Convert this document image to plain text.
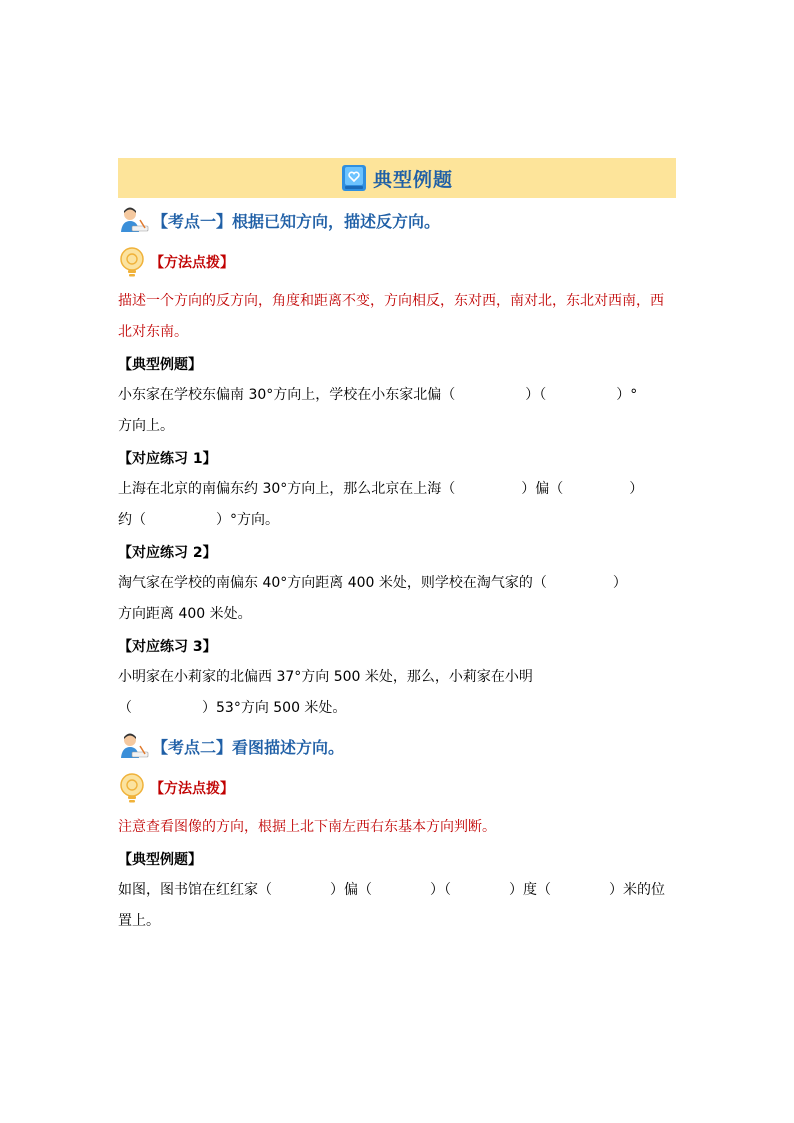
典型例题
【考点一】根据已知方向，描述反方向。
【方法点拨】
描述一个方向的反方向，角度和距离不变，方向相反，东对西，南对北，东北对西南，西北对东南。
【典型例题】
小东家在学校东偏南 30°方向上，学校在小东家北偏（	）（	）°
方向上。
【对应练习 1】
上海在北京的南偏东约 30°方向上，那么北京在上海（	）偏（	）
约（	）°方向。
【对应练习 2】
淘气家在学校的南偏东 40°方向距离 400 米处，则学校在淘气家的（	）
方向距离 400 米处。
【对应练习 3】
小明家在小莉家的北偏西 37°方向 500 米处，那么，小莉家在小明
（	）53°方向 500 米处。
【考点二】看图描述方向。
【方法点拨】
注意查看图像的方向，根据上北下南左西右东基本方向判断。
【典型例题】
如图，图书馆在红红家（	）偏（	）（	）度（	）米的位
置上。
